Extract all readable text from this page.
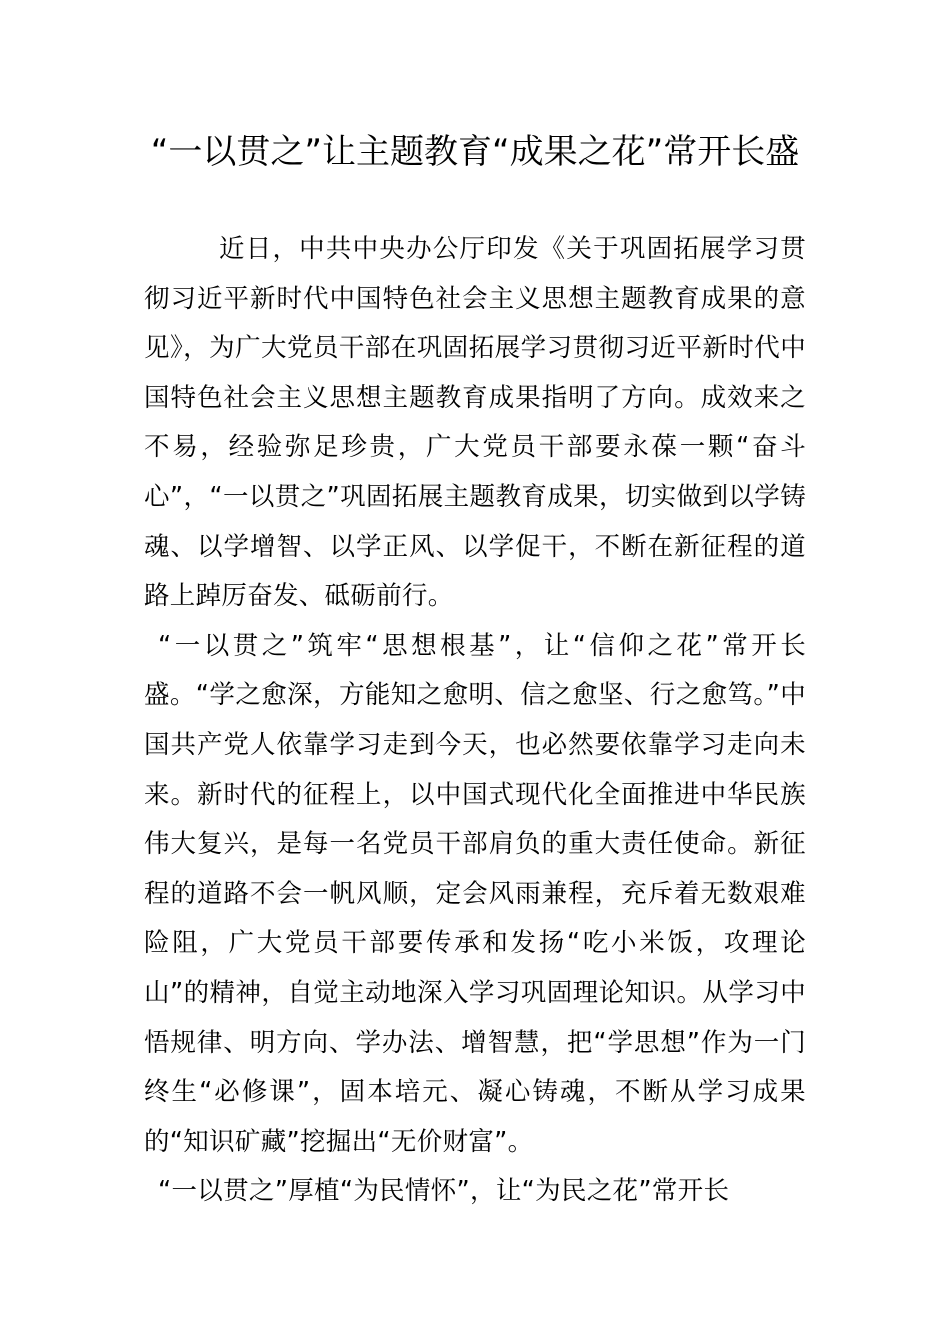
“一以贯之”让主题教育“成果之花”常开长盛

近日，中共中央办公厅印发《关于巩固拓展学习贯彻习近平新时代中国特色社会主义思想主题教育成果的意见》，为广大党员干部在巩固拓展学习贯彻习近平新时代中国特色社会主义思想主题教育成果指明了方向。成效来之不易，经验弥足珍贵，广大党员干部要永葆一颗“奋斗心”，“一以贯之”巩固拓展主题教育成果，切实做到以学铸魂、以学增智、以学正风、以学促干，不断在新征程的道路上踔厉奋发、砥砺前行。

“一以贯之”筑牢“思想根基”，让“信仰之花”常开长盛。“学之愈深，方能知之愈明、信之愈坚、行之愈笃。”中国共产党人依靠学习走到今天，也必然要依靠学习走向未来。新时代的征程上，以中国式现代化全面推进中华民族伟大复兴，是每一名党员干部肩负的重大责任使命。新征程的道路不会一帆风顺，定会风雨兼程，充斥着无数艰难险阻，广大党员干部要传承和发扬“吃小米饭，攻理论山”的精神，自觉主动地深入学习巩固理论知识。从学习中悟规律、明方向、学办法、增智慧，把“学思想”作为一门终生“必修课”，固本培元、凝心铸魂，不断从学习成果的“知识矿藏”挖掘出“无价财富”。

“一以贯之”厚植“为民情怀”，让“为民之花”常开长
